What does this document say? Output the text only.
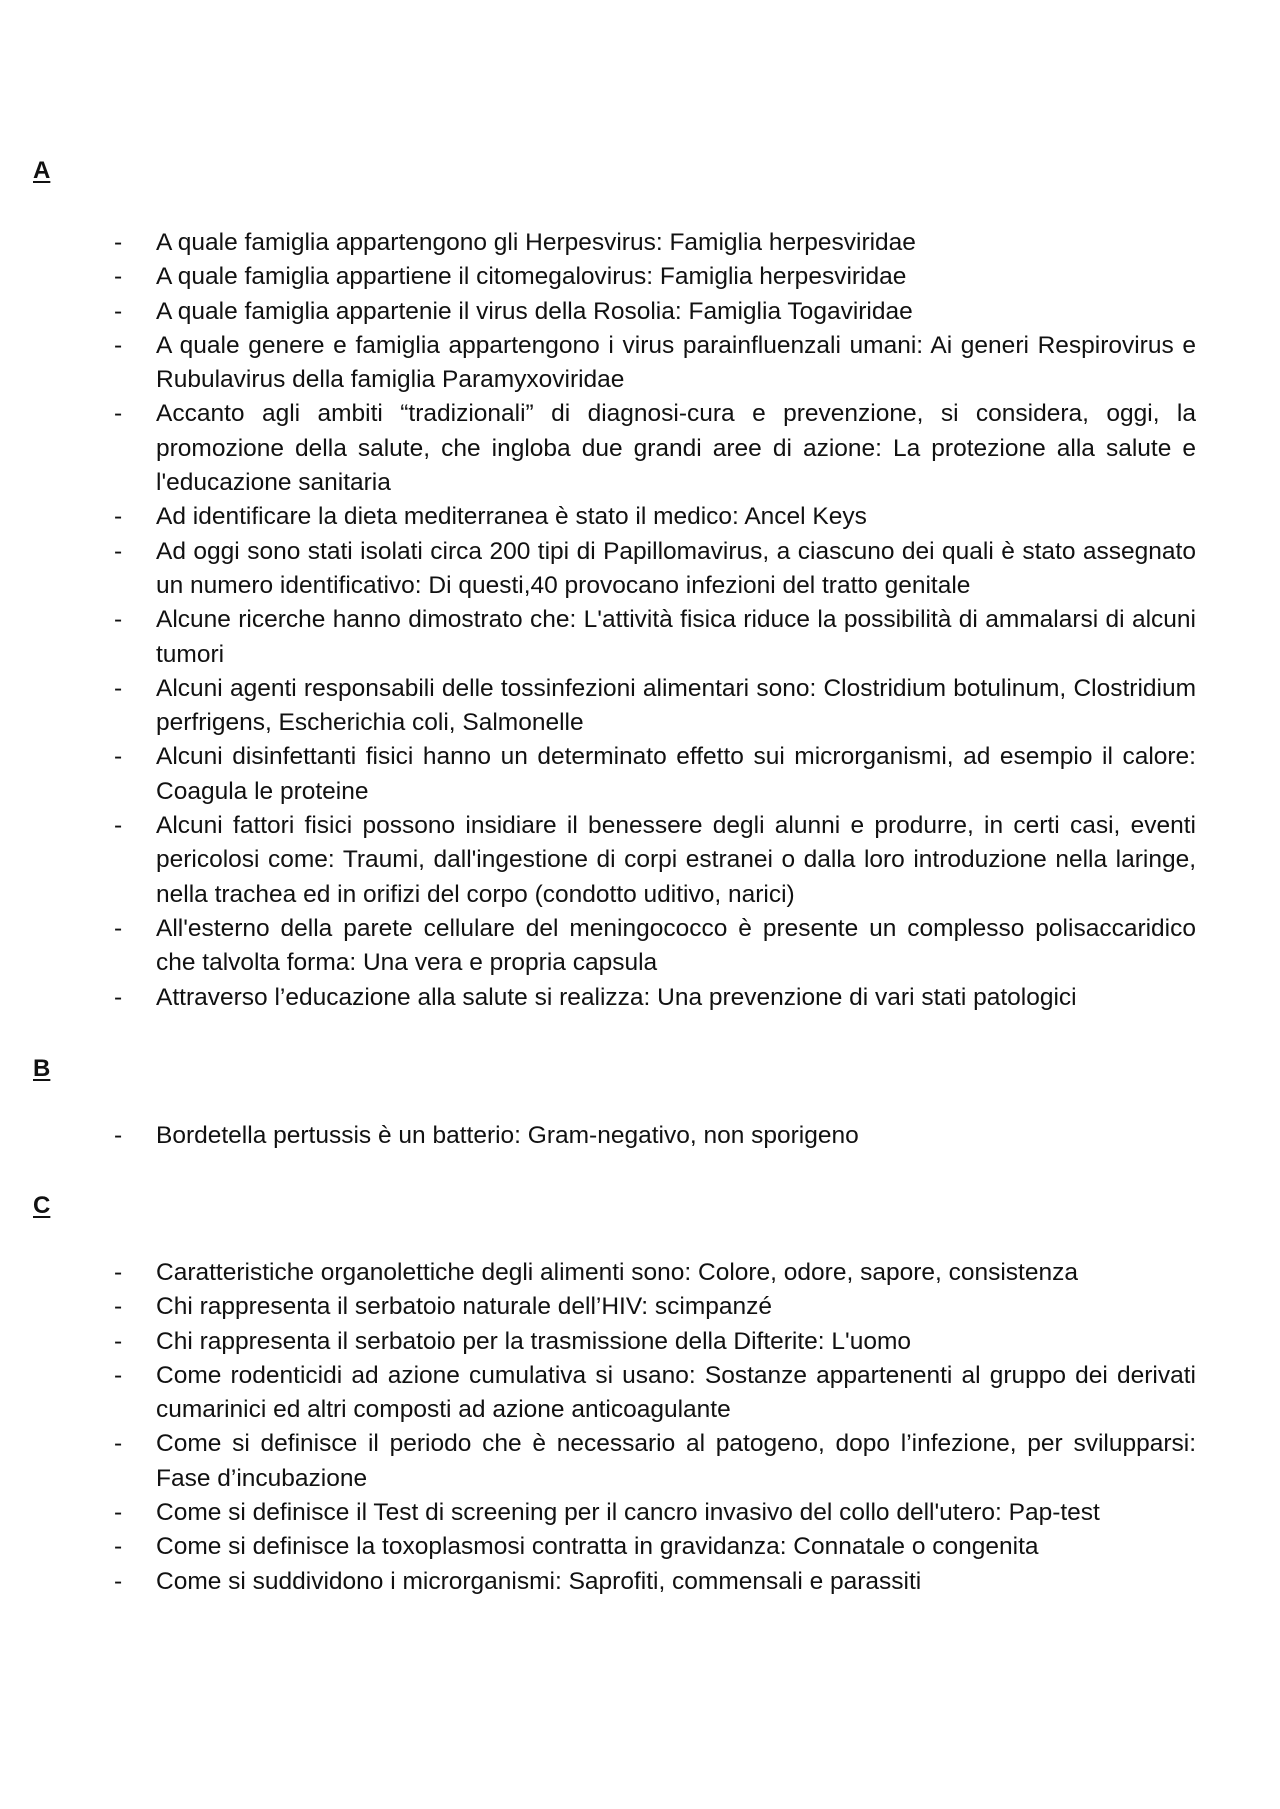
A
- A quale famiglia appartengono gli Herpesvirus: Famiglia herpesviridae
- A quale famiglia appartiene il citomegalovirus: Famiglia herpesviridae
- A quale famiglia appartenie il virus della Rosolia: Famiglia Togaviridae
- A quale genere e famiglia appartengono i virus parainfluenzali umani: Ai generi Respirovirus e Rubulavirus della famiglia Paramyxoviridae
- Accanto agli ambiti “tradizionali” di diagnosi-cura e prevenzione, si considera, oggi, la promozione della salute, che ingloba due grandi aree di azione: La protezione alla salute e l'educazione sanitaria
- Ad identificare la dieta mediterranea è stato il medico: Ancel Keys
- Ad oggi sono stati isolati circa 200 tipi di Papillomavirus, a ciascuno dei quali è stato assegnato un numero identificativo: Di questi,40 provocano infezioni del tratto genitale
- Alcune ricerche hanno dimostrato che: L'attività fisica riduce la possibilità di ammalarsi di alcuni tumori
- Alcuni agenti responsabili delle tossinfezioni alimentari sono: Clostridium botulinum, Clostridium perfrigens, Escherichia coli, Salmonelle
- Alcuni disinfettanti fisici hanno un determinato effetto sui microrganismi, ad esempio il calore: Coagula le proteine
- Alcuni fattori fisici possono insidiare il benessere degli alunni e produrre, in certi casi, eventi pericolosi come: Traumi, dall'ingestione di corpi estranei o dalla loro introduzione nella laringe, nella trachea ed in orifizi del corpo (condotto uditivo, narici)
- All'esterno della parete cellulare del meningococco è presente un complesso polisaccaridico che talvolta forma: Una vera e propria capsula
- Attraverso l’educazione alla salute si realizza: Una prevenzione di vari stati patologici
B
- Bordetella pertussis è un batterio: Gram-negativo, non sporigeno
C
- Caratteristiche organolettiche degli alimenti sono: Colore, odore, sapore, consistenza
- Chi rappresenta il serbatoio naturale dell’HIV: scimpanzé
- Chi rappresenta il serbatoio per la trasmissione della Difterite: L'uomo
- Come rodenticidi ad azione cumulativa si usano: Sostanze appartenenti al gruppo dei derivati cumarinici ed altri composti ad azione anticoagulante
- Come si definisce il periodo che è necessario al patogeno, dopo l’infezione, per svilupparsi: Fase d’incubazione
- Come si definisce il Test di screening per il cancro invasivo del collo dell'utero: Pap-test
- Come si definisce la toxoplasmosi contratta in gravidanza: Connatale o congenita
- Come si suddividono i microrganismi: Saprofiti, commensali e parassiti
